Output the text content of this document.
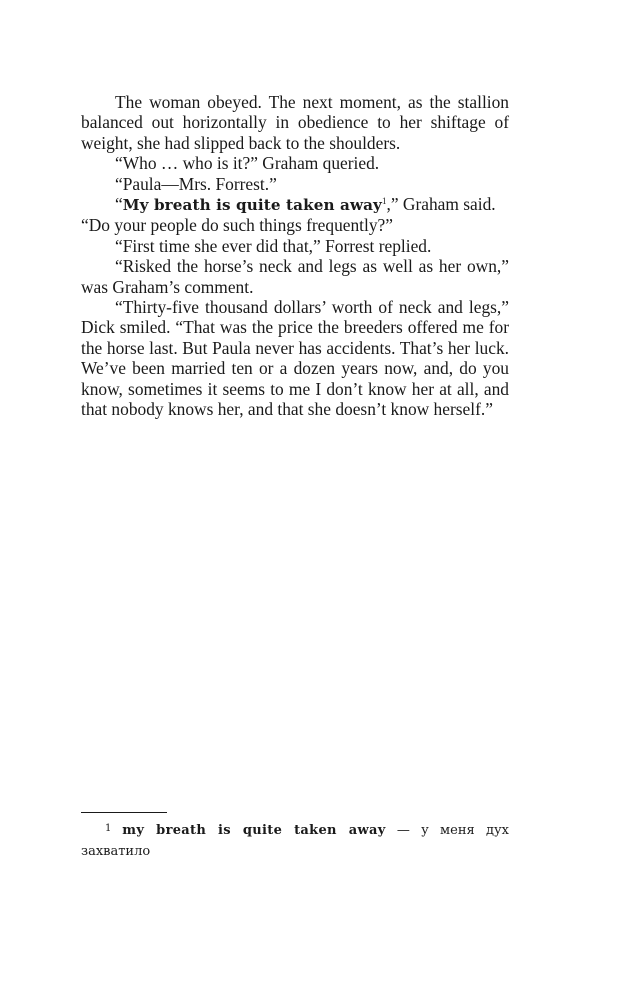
The woman obeyed. The next moment, as the stallion balanced out horizontally in obedience to her shiftage of weight, she had slipped back to the shoulders.

“Who … who is it?” Graham queried.

“Paula—Mrs. Forrest.”

“My breath is quite taken away$^1$,” Graham said.

“Do your people do such things frequently?”

“First time she ever did that,” Forrest replied.

“Risked the horse’s neck and legs as well as her own,” was Graham’s comment.

“Thirty-five thousand dollars’ worth of neck and legs,” Dick smiled. “That was the price the breeders offered me for the horse last. But Paula never has accidents. That’s her luck. We’ve been married ten or a dozen years now, and, do you know, sometimes it seems to me I don’t know her at all, and that nobody knows her, and that she doesn’t know herself.”

1 my breath is quite taken away — у меня дух захватило
